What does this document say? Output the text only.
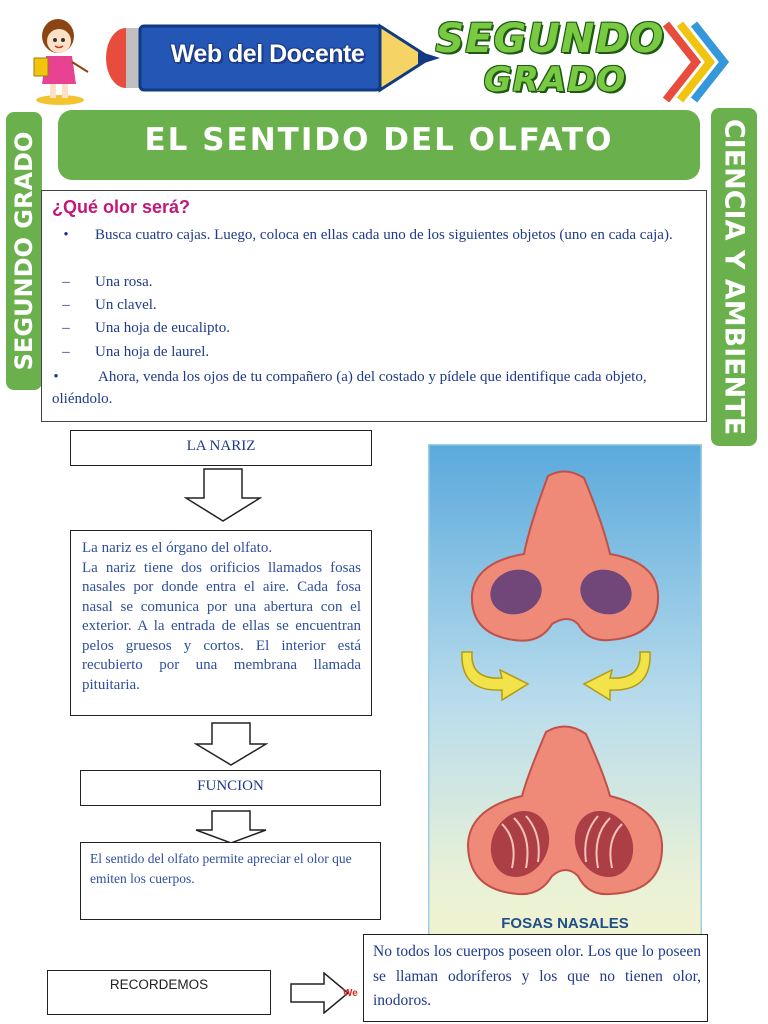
Web del Docente SEGUNDO
GRADO
SEGUNDO GRADO	CIENCIA Y AMBIENTE
EL SENTIDO DEL OLFATO
¿Qué olor será?
•	Busca cuatro cajas. Luego, coloca en ellas cada uno de los siguientes objetos (uno en cada caja).
–	Una rosa.
–	Un clavel.
–	Una hoja de eucalipto.
–	Una hoja de laurel.
•	Ahora, venda los ojos de tu compañero (a) del costado y pídele que identifique cada objeto, oliéndolo.
LA NARIZ
La nariz es el órgano del olfato.
La nariz tiene dos orificios llamados fosas nasales por donde entra el aire. Cada fosa nasal se comunica por una abertura con el exterior. A la entrada de ellas se encuentran pelos gruesos y cortos. El interior está recubierto por una membrana llamada pituitaria.
FUNCION
El sentido del olfato permite apreciar el olor que emiten los cuerpos.
RECORDEMOS
We
FOSAS NASALES
No todos los cuerpos poseen olor. Los que lo poseen se llaman odoríferos y los que no tienen olor, inodoros.
